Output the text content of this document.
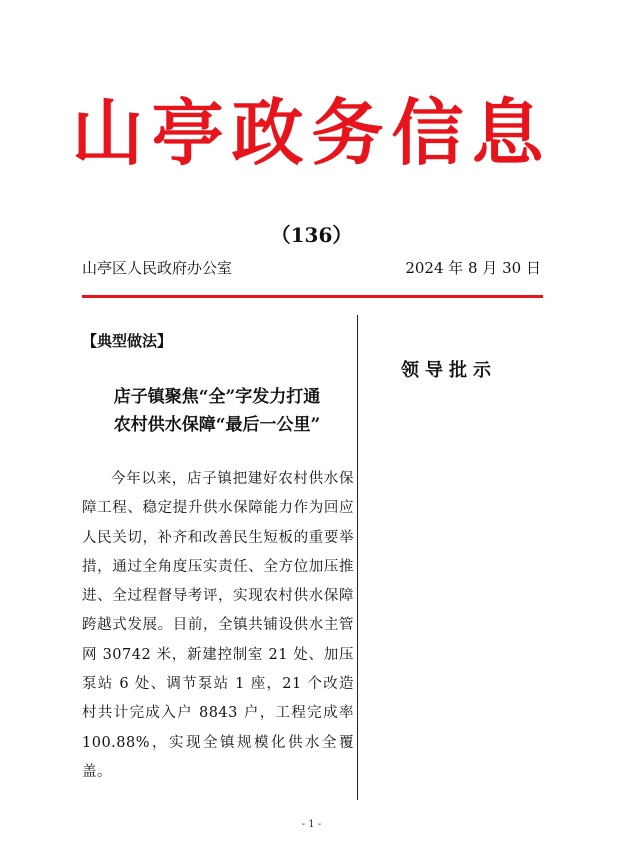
山亭政务信息
（136）
山亭区人民政府办公室	2024 年 8 月 30 日
【典型做法】
店子镇聚焦“全”字发力打通
农村供水保障“最后一公里”
今年以来，店子镇把建好农村供水保障工程、稳定提升供水保障能力作为回应人民关切，补齐和改善民生短板的重要举措，通过全角度压实责任、全方位加压推进、全过程督导考评，实现农村供水保障跨越式发展。目前，全镇共铺设供水主管网 30742 米，新建控制室 21 处、加压泵站 6 处、调节泵站 1 座，21 个改造村共计完成入户 8843 户，工程完成率 100.88%，实现全镇规模化供水全覆盖。
领导批示
- 1 -
